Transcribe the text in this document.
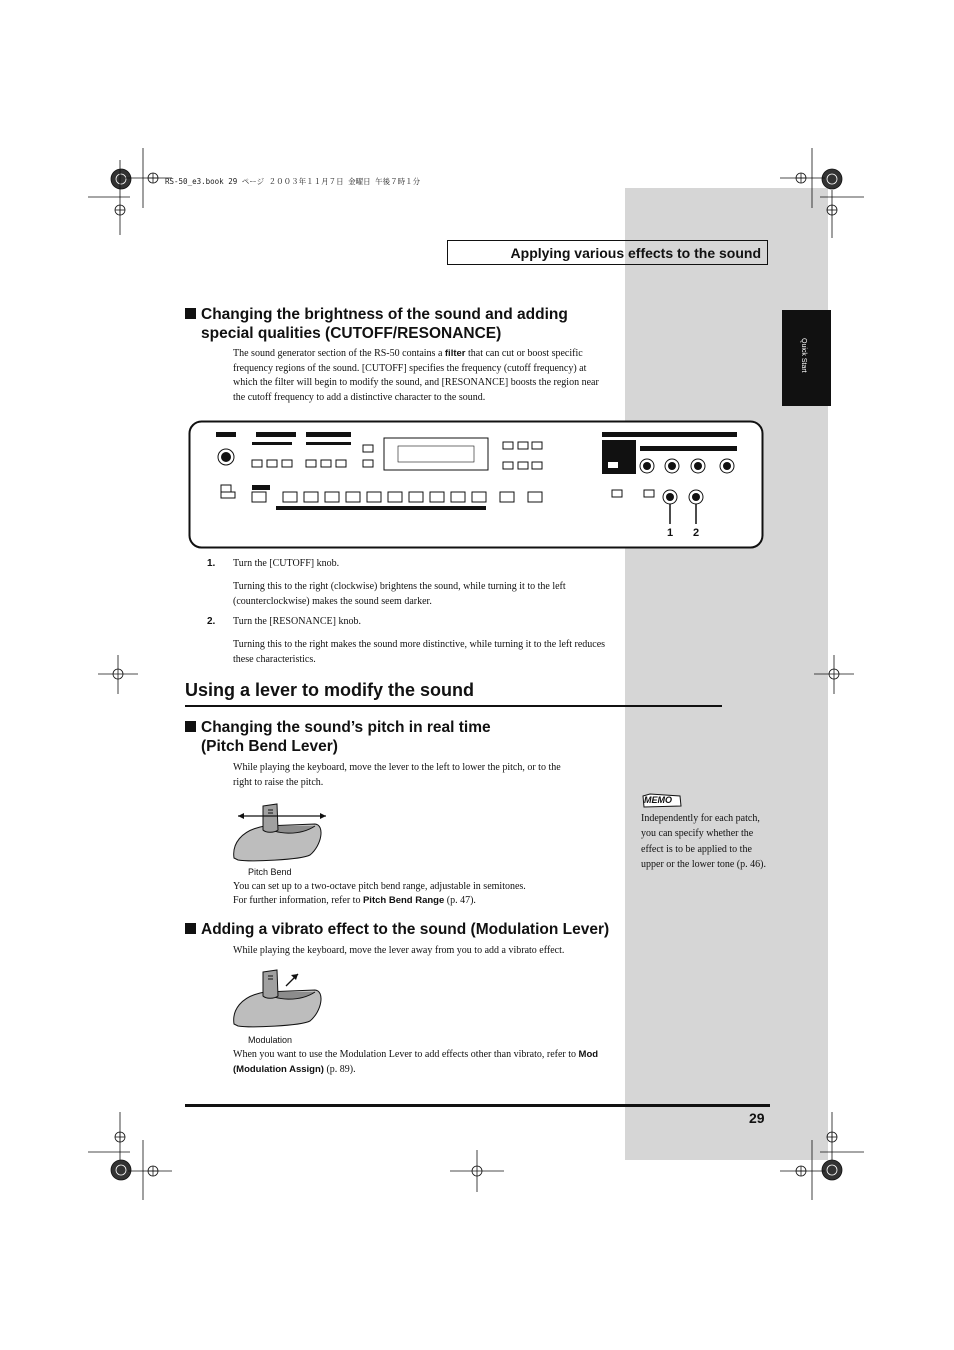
Quick Start
RS-50_e3.book 29 ページ ２００３年１１月７日 金曜日 午後７時１分
Applying various effects to the sound
Changing the brightness of the sound and adding
special qualities (CUTOFF/RESONANCE)
The sound generator section of the RS-50 contains a filter that can cut or boost specific frequency regions of the sound. [CUTOFF] specifies the frequency (cutoff frequency) at which the filter will begin to modify the sound, and [RESONANCE] boosts the region near the cutoff frequency to add a distinctive character to the sound.
1 2
1. Turn the [CUTOFF] knob.
Turning this to the right (clockwise) brightens the sound, while turning it to the left (counterclockwise) makes the sound seem darker.
2. Turn the [RESONANCE] knob.
Turning this to the right makes the sound more distinctive, while turning it to the left reduces these characteristics.
Using a lever to modify the sound
Changing the sound’s pitch in real time
(Pitch Bend Lever)
While playing the keyboard, move the lever to the left to lower the pitch, or to the right to raise the pitch.
Pitch Bend
You can set up to a two-octave pitch bend range, adjustable in semitones.
For further information, refer to Pitch Bend Range (p. 47).
Adding a vibrato effect to the sound (Modulation Lever)
While playing the keyboard, move the lever away from you to add a vibrato effect.
Modulation
When you want to use the Modulation Lever to add effects other than vibrato, refer to Mod (Modulation Assign) (p. 89).
MEMO
Independently for each patch, you can specify whether the effect is to be applied to the upper or the lower tone (p. 46).
29
